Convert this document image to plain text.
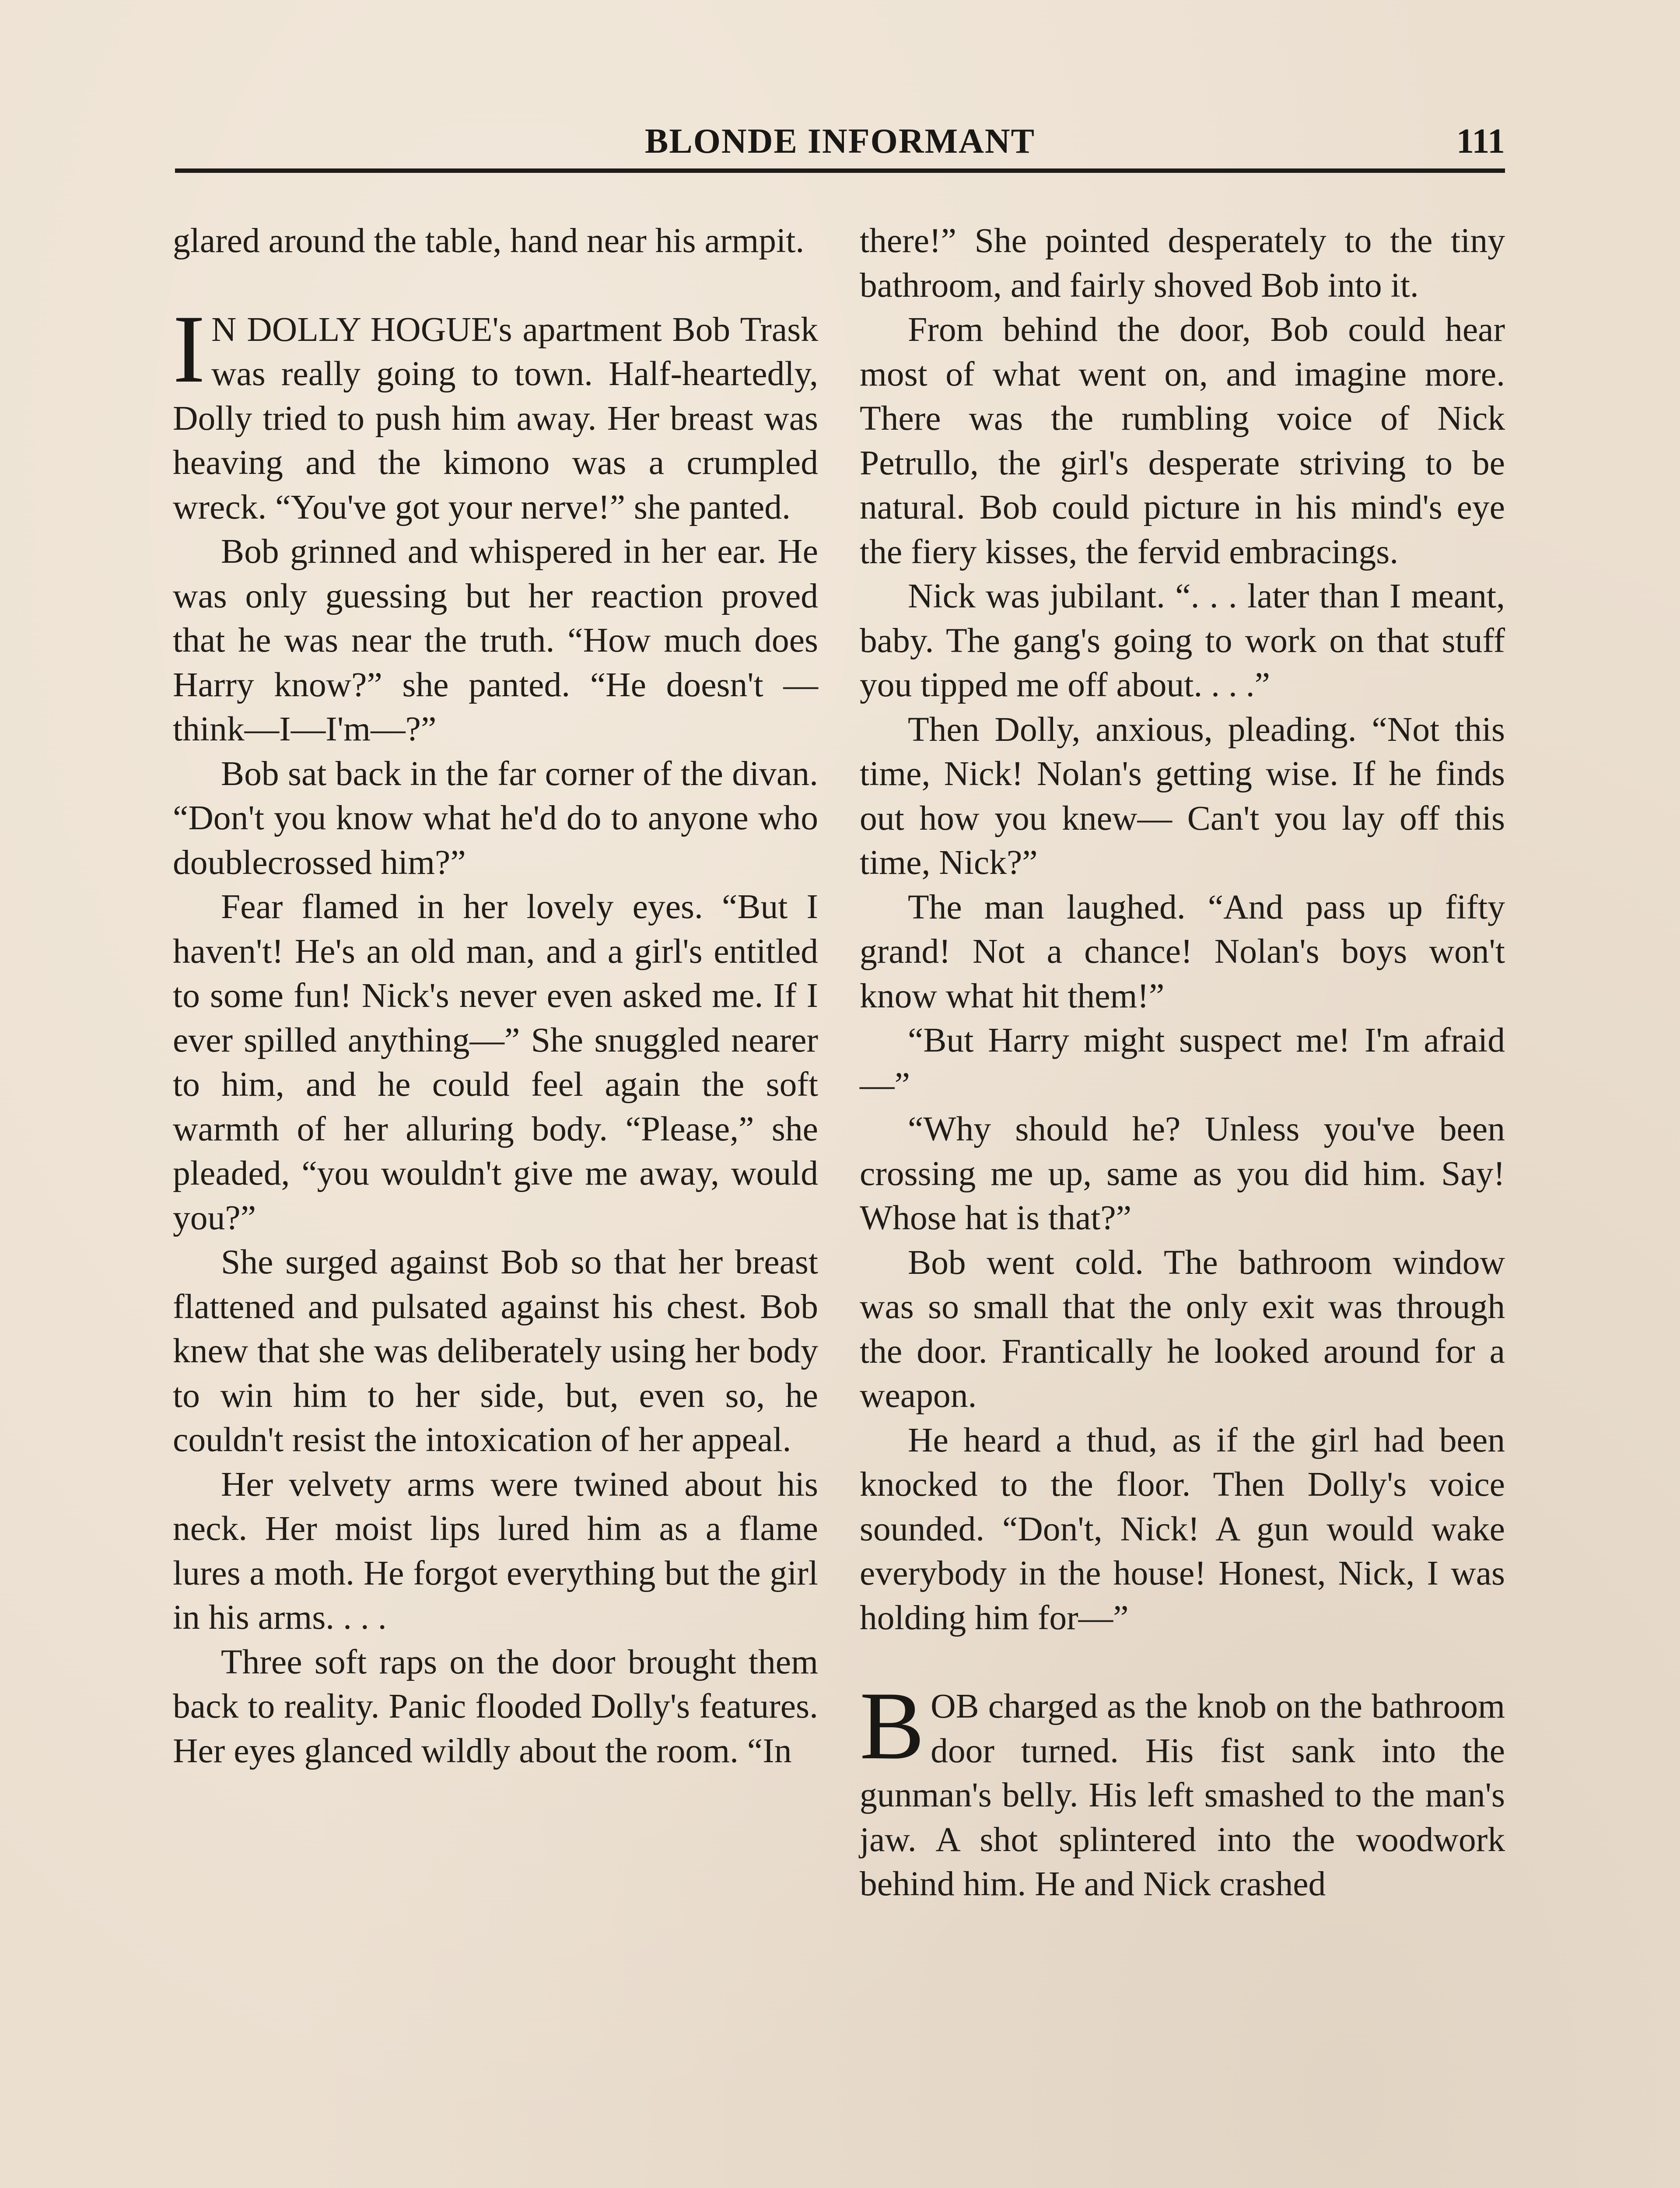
BLONDE INFORMANT	111

glared around the table, hand near his armpit.

I N DOLLY HOGUE's apartment Bob Trask was really going to town. Half-heartedly, Dolly tried to push him away. Her breast was heaving and the kimono was a crumpled wreck. “You've got your nerve!” she panted.

Bob grinned and whispered in her ear. He was only guessing but her reaction proved that he was near the truth. “How much does Harry know?” she panted. “He doesn't —think—I—I'm—?”

Bob sat back in the far corner of the divan. “Don't you know what he'd do to anyone who doublecrossed him?”

Fear flamed in her lovely eyes. “But I haven't! He's an old man, and a girl's entitled to some fun! Nick's never even asked me. If I ever spilled anything—” She snuggled nearer to him, and he could feel again the soft warmth of her alluring body. “Please,” she pleaded, “you wouldn't give me away, would you?”

She surged against Bob so that her breast flattened and pulsated against his chest. Bob knew that she was deliberately using her body to win him to her side, but, even so, he couldn't resist the intoxication of her appeal.

Her velvety arms were twined about his neck. Her moist lips lured him as a flame lures a moth. He forgot everything but the girl in his arms. . . .

Three soft raps on the door brought them back to reality. Panic flooded Dolly's features. Her eyes glanced wildly about the room. “In

there!” She pointed desperately to the tiny bathroom, and fairly shoved Bob into it.

From behind the door, Bob could hear most of what went on, and imagine more. There was the rumbling voice of Nick Petrullo, the girl's desperate striving to be natural. Bob could picture in his mind's eye the fiery kisses, the fervid embracings.

Nick was jubilant. “. . . later than I meant, baby. The gang's going to work on that stuff you tipped me off about. . . .”

Then Dolly, anxious, pleading. “Not this time, Nick! Nolan's getting wise. If he finds out how you knew— Can't you lay off this time, Nick?”

The man laughed. “And pass up fifty grand! Not a chance! Nolan's boys won't know what hit them!”

“But Harry might suspect me! I'm afraid—”

“Why should he? Unless you've been crossing me up, same as you did him. Say! Whose hat is that?”

Bob went cold. The bathroom window was so small that the only exit was through the door. Frantically he looked around for a weapon.

He heard a thud, as if the girl had been knocked to the floor. Then Dolly's voice sounded. “Don't, Nick! A gun would wake everybody in the house! Honest, Nick, I was holding him for—”

BOB charged as the knob on the bathroom door turned. His fist sank into the gunman's belly. His left smashed to the man's jaw. A shot splintered into the woodwork behind him. He and Nick crashed
